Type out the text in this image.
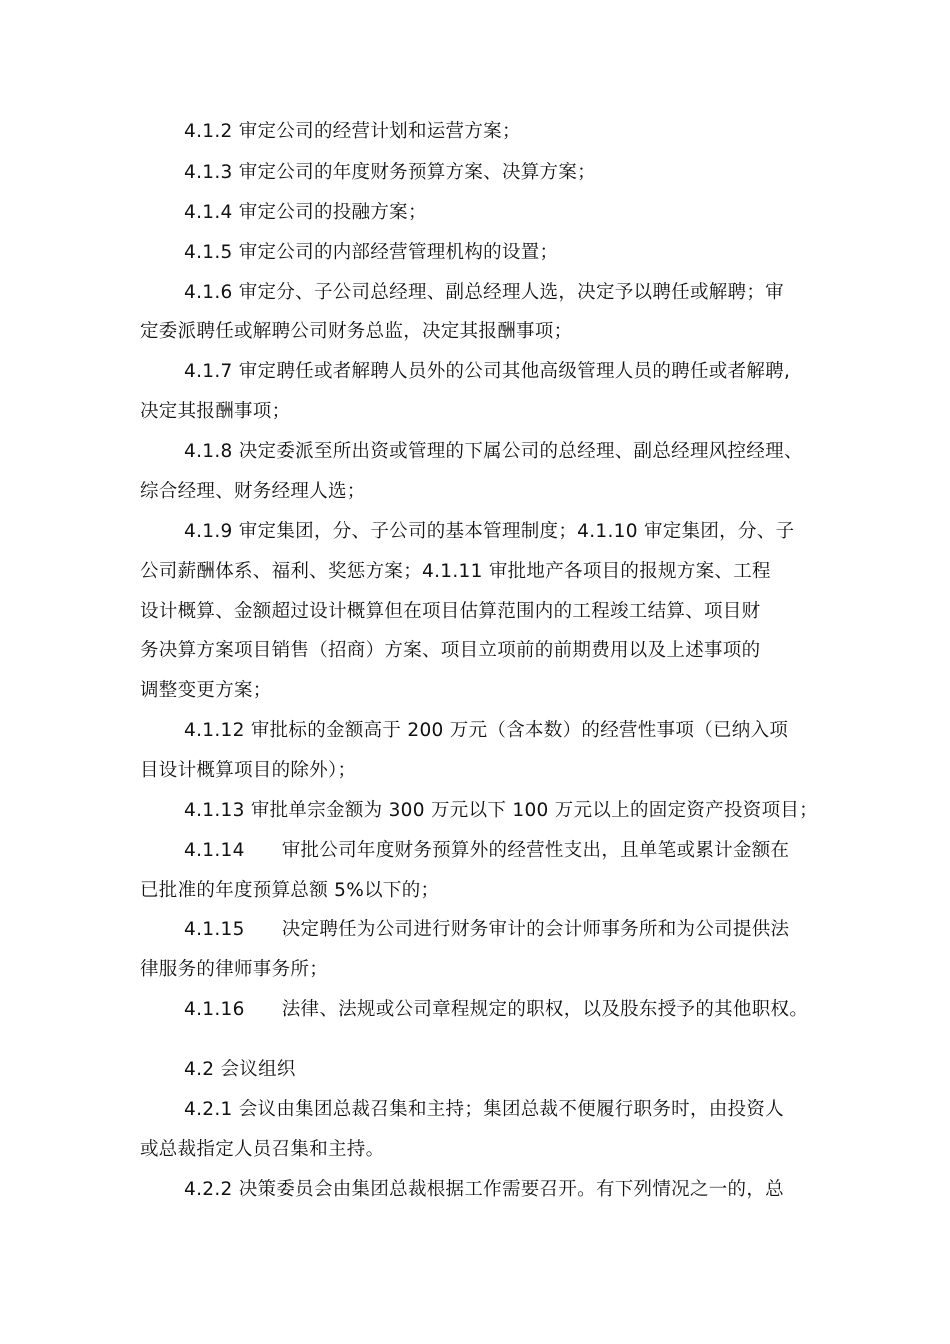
4.1.2 审定公司的经营计划和运营方案；
4.1.3 审定公司的年度财务预算方案、决算方案；
4.1.4 审定公司的投融方案；
4.1.5 审定公司的内部经营管理机构的设置；
4.1.6 审定分、子公司总经理、副总经理人选，决定予以聘任或解聘；审
定委派聘任或解聘公司财务总监，决定其报酬事项；
4.1.7 审定聘任或者解聘人员外的公司其他高级管理人员的聘任或者解聘,
决定其报酬事项；
4.1.8 决定委派至所出资或管理的下属公司的总经理、副总经理风控经理、
综合经理、财务经理人选；
4.1.9 审定集团，分、子公司的基本管理制度；4.1.10 审定集团，分、子
公司薪酬体系、福利、奖惩方案；4.1.11 审批地产各项目的报规方案、工程
设计概算、金额超过设计概算但在项目估算范围内的工程竣工结算、项目财
务决算方案项目销售（招商）方案、项目立项前的前期费用以及上述事项的
调整变更方案；
4.1.12 审批标的金额高于 200 万元（含本数）的经营性事项（已纳入项
目设计概算项目的除外）；
4.1.13 审批单宗金额为 300 万元以下 100 万元以上的固定资产投资项目；
4.1.14      审批公司年度财务预算外的经营性支出，且单笔或累计金额在
已批准的年度预算总额 5%以下的；
4.1.15      决定聘任为公司进行财务审计的会计师事务所和为公司提供法
律服务的律师事务所；
4.1.16      法律、法规或公司章程规定的职权，以及股东授予的其他职权。
4.2 会议组织
4.2.1 会议由集团总裁召集和主持；集团总裁不便履行职务时，由投资人
或总裁指定人员召集和主持。
4.2.2 决策委员会由集团总裁根据工作需要召开。有下列情况之一的，总
